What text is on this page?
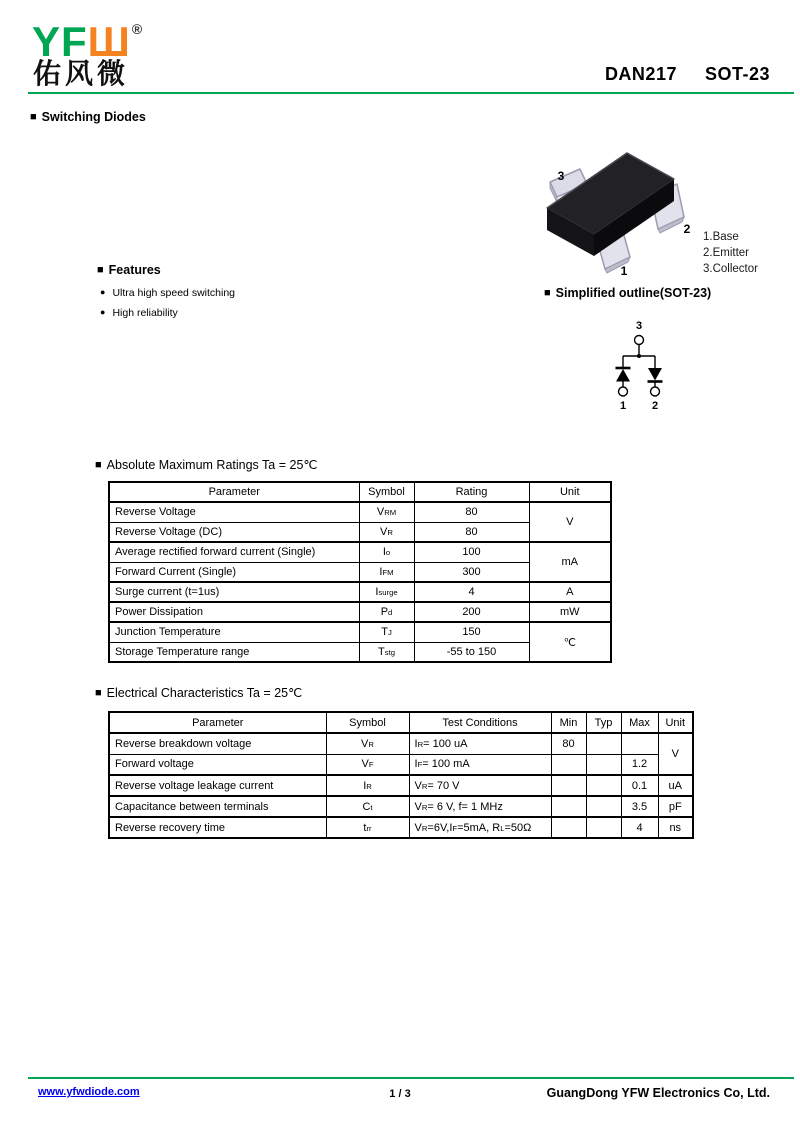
YFШ®
佑风微	DAN217 SOT-23
■ Switching Diodes
3
2
1
1.Base
2.Emitter
3.Collector
■ Features
● Ultra high speed switching
● High reliability
■ Simplified outline(SOT-23)
3
1 2
■ Absolute Maximum Ratings Ta = 25℃
Parameter	Symbol	Rating	Unit
Reverse Voltage	VRM	80	V
Reverse Voltage (DC)	VR	80	
Average rectified forward current (Single)	Io	100	mA
Forward Current (Single)	IFM	300	
Surge current (t=1us)	Isurge	4	A
Power Dissipation	Pd	200	mW
Junction Temperature	TJ	150	℃
Storage Temperature range	Tstg	-55 to 150	
■ Electrical Characteristics Ta = 25℃
Parameter	Symbol	Test Conditions	Min	Typ	Max	Unit
Reverse breakdown voltage	VR	IR= 100 uA	80			V
Forward voltage	VF	IF= 100 mA			1.2	
Reverse voltage leakage current	IR	VR= 70 V			0.1	uA
Capacitance between terminals	Ct	VR= 6 V, f= 1 MHz			3.5	pF
Reverse recovery time	trr	VR=6V,IF=5mA, RL=50Ω			4	ns
www.yfwdiode.com	1 / 3	GuangDong YFW Electronics Co, Ltd.
